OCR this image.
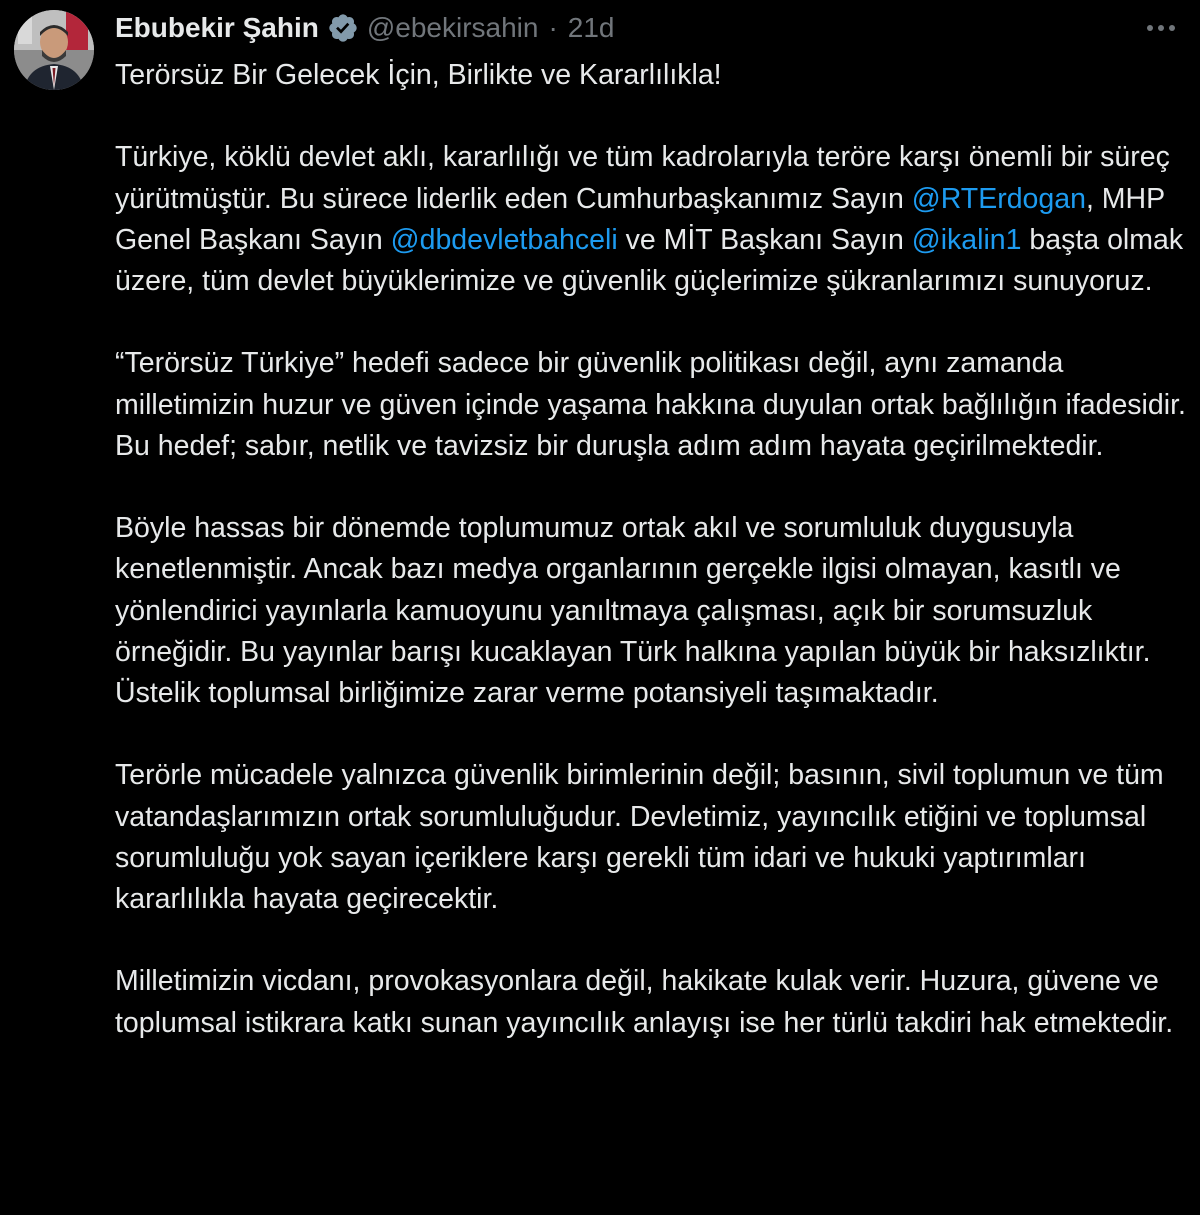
Ebubekir Şahin @ebekirsahin · 21d

Terörsüz Bir Gelecek İçin, Birlikte ve Kararlılıkla!

Türkiye, köklü devlet aklı, kararlılığı ve tüm kadrolarıyla teröre karşı önemli bir süreç yürütmüştür. Bu sürece liderlik eden Cumhurbaşkanımız Sayın @RTErdogan, MHP Genel Başkanı Sayın @dbdevletbahceli ve MİT Başkanı Sayın @ikalin1 başta olmak üzere, tüm devlet büyüklerimize ve güvenlik güçlerimize şükranlarımızı sunuyoruz.

“Terörsüz Türkiye” hedefi sadece bir güvenlik politikası değil, aynı zamanda milletimizin huzur ve güven içinde yaşama hakkına duyulan ortak bağlılığın ifadesidir. Bu hedef; sabır, netlik ve tavizsiz bir duruşla adım adım hayata geçirilmektedir.

Böyle hassas bir dönemde toplumumuz ortak akıl ve sorumluluk duygusuyla kenetlenmiştir. Ancak bazı medya organlarının gerçekle ilgisi olmayan, kasıtlı ve yönlendirici yayınlarla kamuoyunu yanıltmaya çalışması, açık bir sorumsuzluk örneğidir. Bu yayınlar barışı kucaklayan Türk halkına yapılan büyük bir haksızlıktır. Üstelik toplumsal birliğimize zarar verme potansiyeli taşımaktadır.

Terörle mücadele yalnızca güvenlik birimlerinin değil; basının, sivil toplumun ve tüm vatandaşlarımızın ortak sorumluluğudur. Devletimiz, yayıncılık etiğini ve toplumsal sorumluluğu yok sayan içeriklere karşı gerekli tüm idari ve hukuki yaptırımları kararlılıkla hayata geçirecektir.

Milletimizin vicdanı, provokasyonlara değil, hakikate kulak verir. Huzura, güvene ve toplumsal istikrara katkı sunan yayıncılık anlayışı ise her türlü takdiri hak etmektedir.
